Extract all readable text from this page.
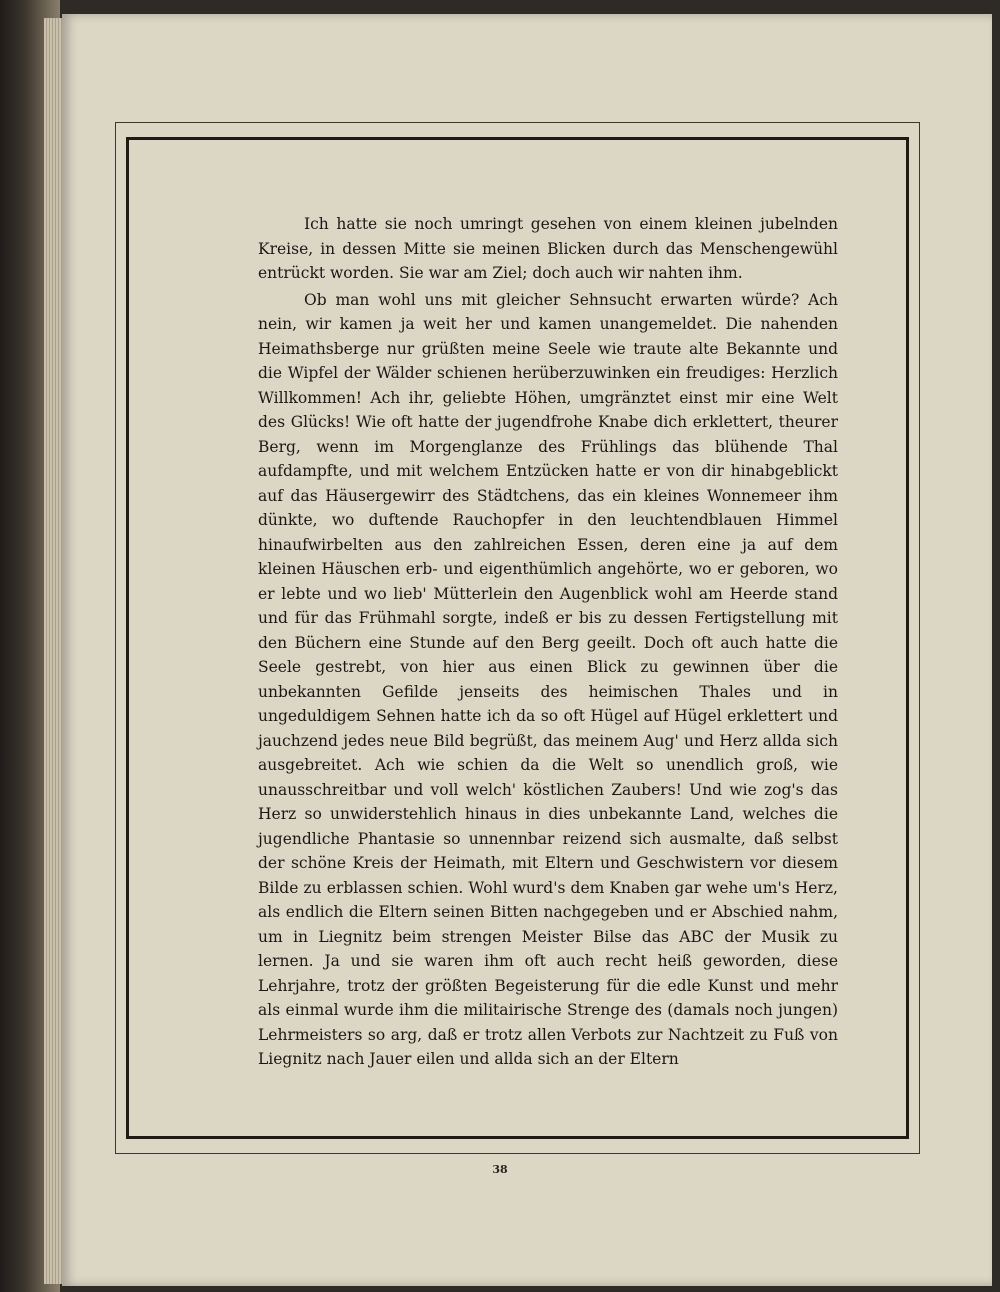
Ich hatte sie noch umringt gesehen von einem kleinen jubelnden Kreise, in dessen Mitte sie meinen Blicken durch das Menschengewühl entrückt worden. Sie war am Ziel; doch auch wir nahten ihm.

Ob man wohl uns mit gleicher Sehnsucht erwarten würde? Ach nein, wir kamen ja weit her und kamen unangemeldet. Die nahenden Heimathsberge nur grüßten meine Seele wie traute alte Bekannte und die Wipfel der Wälder schienen herüberzuwinken ein freudiges: Herzlich Willkommen! Ach ihr, geliebte Höhen, umgränztet einst mir eine Welt des Glücks! Wie oft hatte der jugendfrohe Knabe dich erklettert, theurer Berg, wenn im Morgenglanze des Frühlings das blühende Thal aufdampfte, und mit welchem Entzücken hatte er von dir hinabgeblickt auf das Häusergewirr des Städtchens, das ein kleines Wonnemeer ihm dünkte, wo duftende Rauchopfer in den leuchtendblauen Himmel hinaufwirbelten aus den zahlreichen Essen, deren eine ja auf dem kleinen Häuschen erb- und eigenthümlich angehörte, wo er geboren, wo er lebte und wo lieb' Mütterlein den Augenblick wohl am Heerde stand und für das Frühmahl sorgte, indeß er bis zu dessen Fertigstellung mit den Büchern eine Stunde auf den Berg geeilt. Doch oft auch hatte die Seele gestrebt, von hier aus einen Blick zu gewinnen über die unbekannten Gefilde jenseits des heimischen Thales und in ungeduldigem Sehnen hatte ich da so oft Hügel auf Hügel erklettert und jauchzend jedes neue Bild begrüßt, das meinem Aug' und Herz allda sich ausgebreitet. Ach wie schien da die Welt so unendlich groß, wie unausschreitbar und voll welch' köstlichen Zaubers! Und wie zog's das Herz so unwiderstehlich hinaus in dies unbekannte Land, welches die jugendliche Phantasie so unnennbar reizend sich ausmalte, daß selbst der schöne Kreis der Heimath, mit Eltern und Geschwistern vor diesem Bilde zu erblassen schien. Wohl wurd's dem Knaben gar wehe um's Herz, als endlich die Eltern seinen Bitten nachgegeben und er Abschied nahm, um in Liegnitz beim strengen Meister Bilse das ABC der Musik zu lernen. Ja und sie waren ihm oft auch recht heiß geworden, diese Lehrjahre, trotz der größten Begeisterung für die edle Kunst und mehr als einmal wurde ihm die militairische Strenge des (damals noch jungen) Lehrmeisters so arg, daß er trotz allen Verbots zur Nachtzeit zu Fuß von Liegnitz nach Jauer eilen und allda sich an der Eltern

38
